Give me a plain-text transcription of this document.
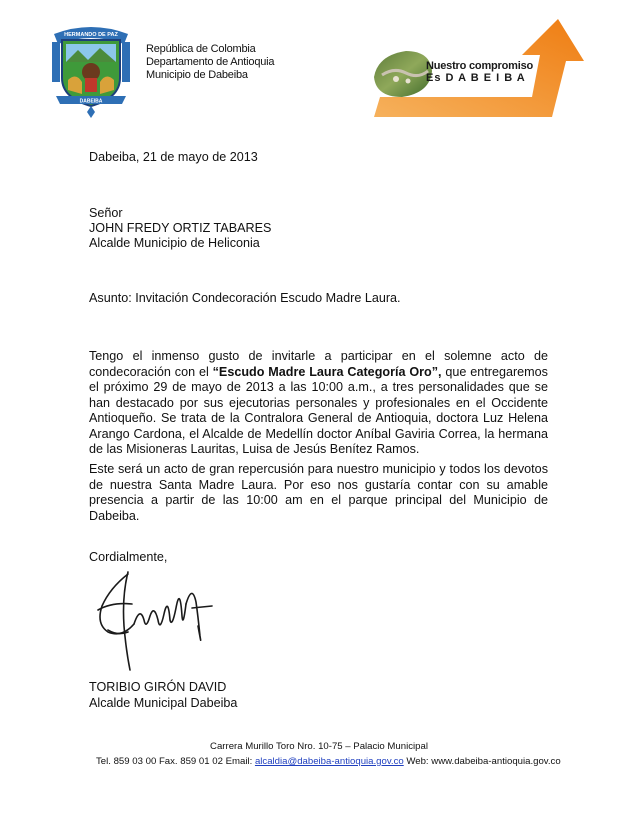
HERMANDO DE PAZ
DABEIBA
República de Colombia
Departamento de Antioquia
Municipio de Dabeiba
Nuestro compromiso
Es D A B E I B A
Dabeiba, 21 de mayo de 2013
Señor
JOHN FREDY ORTIZ TABARES
Alcalde Municipio de Heliconia
Asunto: Invitación Condecoración Escudo Madre Laura.
Tengo el inmenso gusto de invitarle a participar en el solemne acto de condecoración con el “Escudo Madre Laura Categoría Oro”, que entregaremos el próximo 29 de mayo de 2013 a las 10:00 a.m., a tres personalidades que se han destacado por sus ejecutorias personales y profesionales en el Occidente Antioqueño. Se trata de la Contralora General de Antioquia, doctora Luz Helena Arango Cardona, el Alcalde de Medellín doctor Aníbal Gaviria Correa, la hermana de las Misioneras Lauritas, Luisa de Jesús Benítez Ramos.
Este será un acto de gran repercusión para nuestro municipio y todos los devotos de nuestra Santa Madre Laura. Por eso nos gustaría contar con su amable presencia a partir de las 10:00 am en el parque principal del Municipio de Dabeiba.
Cordialmente,
TORIBIO GIRÓN DAVID
Alcalde Municipal Dabeiba
Carrera Murillo Toro Nro. 10-75 – Palacio Municipal
Tel. 859 03 00 Fax. 859 01 02 Email: alcaldia@dabeiba-antioquia.gov.co Web: www.dabeiba-antioquia.gov.co
